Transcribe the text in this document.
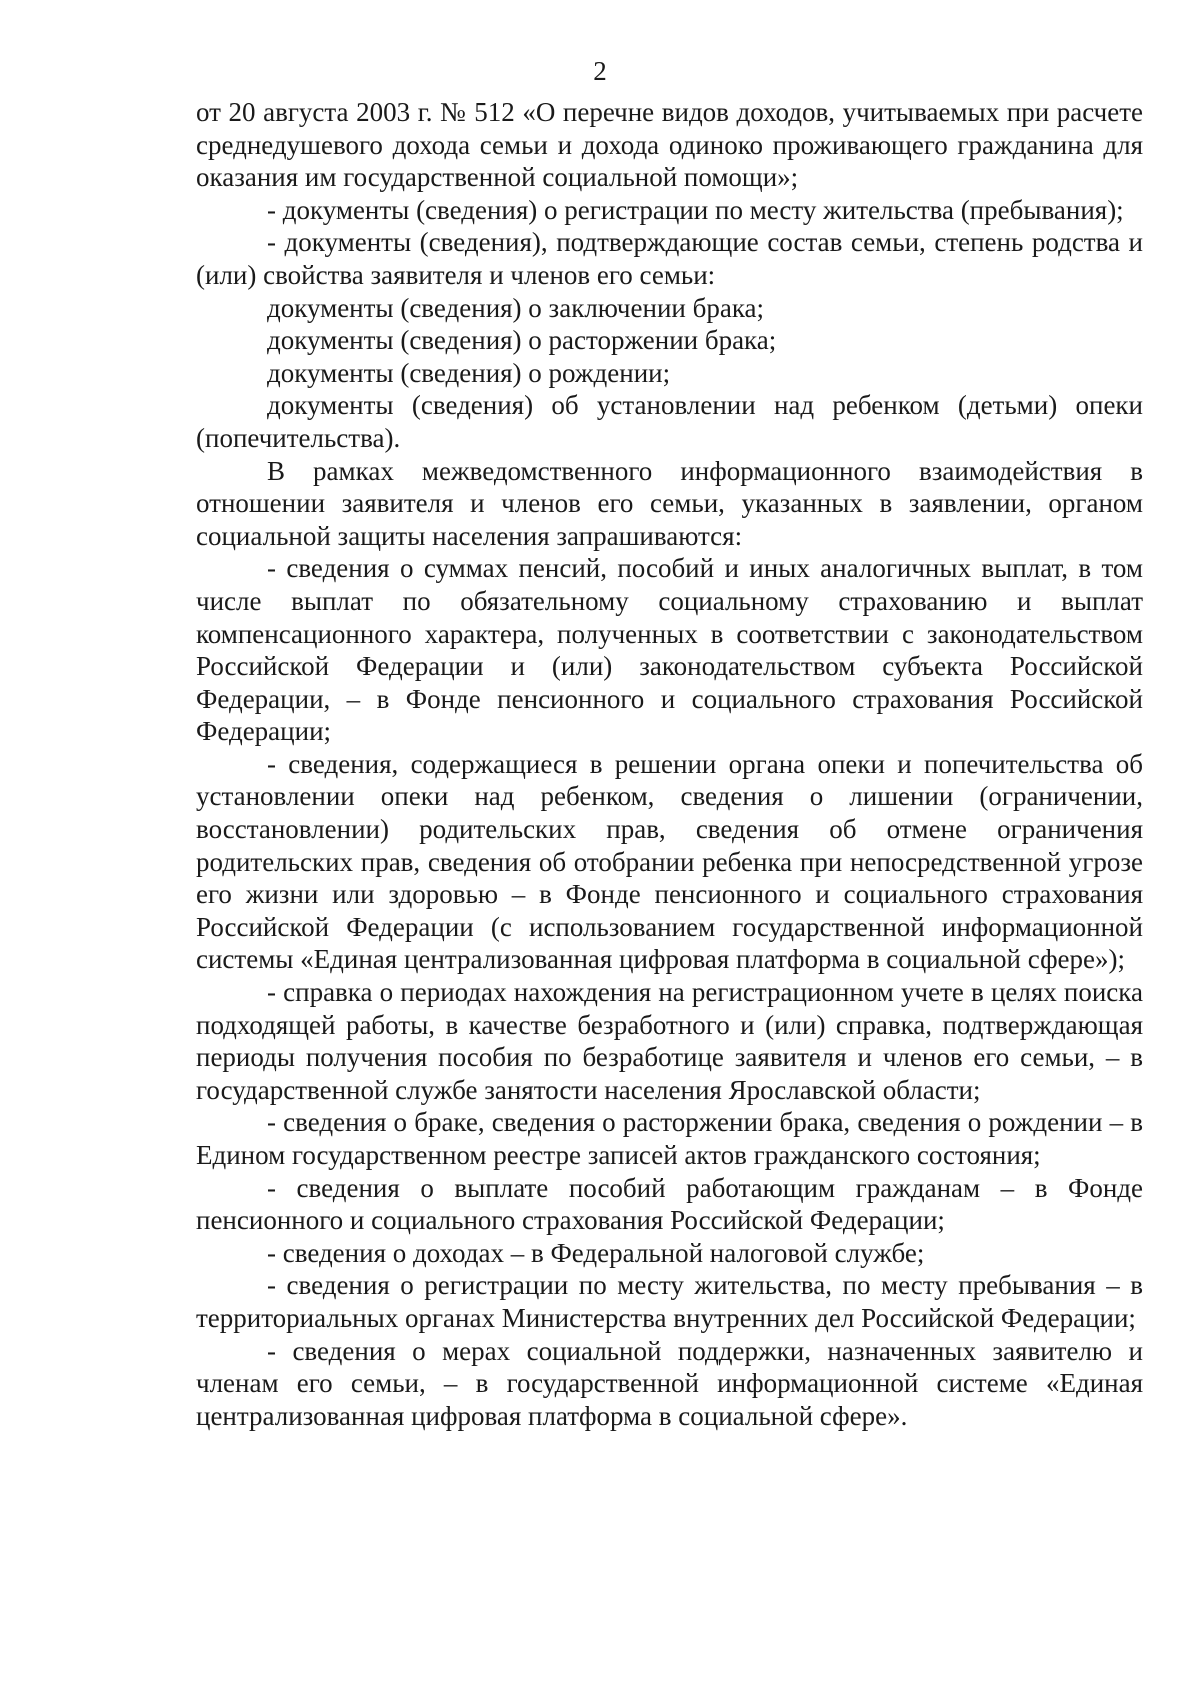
2

от 20 августа 2003 г. № 512 «О перечне видов доходов, учитываемых при расчете среднедушевого дохода семьи и дохода одиноко проживающего гражданина для оказания им государственной социальной помощи»;

- документы (сведения) о регистрации по месту жительства (пребывания);

- документы (сведения), подтверждающие состав семьи, степень родства и (или) свойства заявителя и членов его семьи:

документы (сведения) о заключении брака;

документы (сведения) о расторжении брака;

документы (сведения) о рождении;

документы (сведения) об установлении над ребенком (детьми) опеки (попечительства).

В рамках межведомственного информационного взаимодействия в отношении заявителя и членов его семьи, указанных в заявлении, органом социальной защиты населения запрашиваются:

- сведения о суммах пенсий, пособий и иных аналогичных выплат, в том числе выплат по обязательному социальному страхованию и выплат компенсационного характера, полученных в соответствии с законодательством Российской Федерации и (или) законодательством субъекта Российской Федерации, – в Фонде пенсионного и социального страхования Российской Федерации;

- сведения, содержащиеся в решении органа опеки и попечительства об установлении опеки над ребенком, сведения о лишении (ограничении, восстановлении) родительских прав, сведения об отмене ограничения родительских прав, сведения об отобрании ребенка при непосредственной угрозе его жизни или здоровью – в Фонде пенсионного и социального страхования Российской Федерации (с использованием государственной информационной системы «Единая централизованная цифровая платформа в социальной сфере»);

- справка о периодах нахождения на регистрационном учете в целях поиска подходящей работы, в качестве безработного и (или) справка, подтверждающая периоды получения пособия по безработице заявителя и членов его семьи, – в государственной службе занятости населения Ярославской области;

- сведения о браке, сведения о расторжении брака, сведения о рождении – в Едином государственном реестре записей актов гражданского состояния;

- сведения о выплате пособий работающим гражданам – в Фонде пенсионного и социального страхования Российской Федерации;

- сведения о доходах – в Федеральной налоговой службе;

- сведения о регистрации по месту жительства, по месту пребывания – в территориальных органах Министерства внутренних дел Российской Федерации;

- сведения о мерах социальной поддержки, назначенных заявителю и членам его семьи, – в государственной информационной системе «Единая централизованная цифровая платформа в социальной сфере».
